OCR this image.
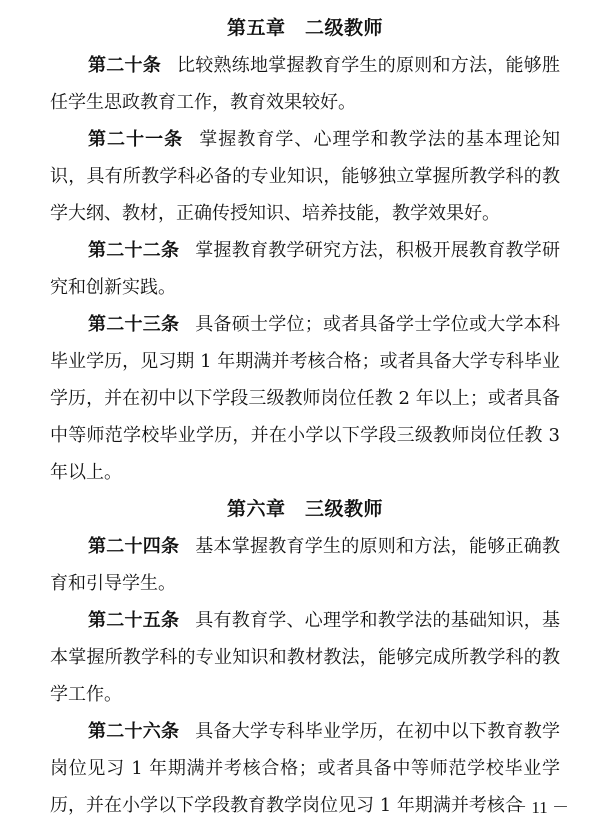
第五章　二级教师

第二十条 比较熟练地掌握教育学生的原则和方法，能够胜任学生思政教育工作，教育效果较好。

第二十一条 掌握教育学、心理学和教学法的基本理论知识，具有所教学科必备的专业知识，能够独立掌握所教学科的教学大纲、教材，正确传授知识、培养技能，教学效果好。

第二十二条 掌握教育教学研究方法，积极开展教育教学研究和创新实践。

第二十三条 具备硕士学位；或者具备学士学位或大学本科毕业学历，见习期 1 年期满并考核合格；或者具备大学专科毕业学历，并在初中以下学段三级教师岗位任教 2 年以上；或者具备中等师范学校毕业学历，并在小学以下学段三级教师岗位任教 3 年以上。

第六章　三级教师

第二十四条 基本掌握教育学生的原则和方法，能够正确教育和引导学生。

第二十五条 具有教育学、心理学和教学法的基础知识，基本掌握所教学科的专业知识和教材教法，能够完成所教学科的教学工作。

第二十六条 具备大学专科毕业学历，在初中以下教育教学岗位见习 1 年期满并考核合格；或者具备中等师范学校毕业学历，并在小学以下学段教育教学岗位见习 1 年期满并考核合

－ 11 －
